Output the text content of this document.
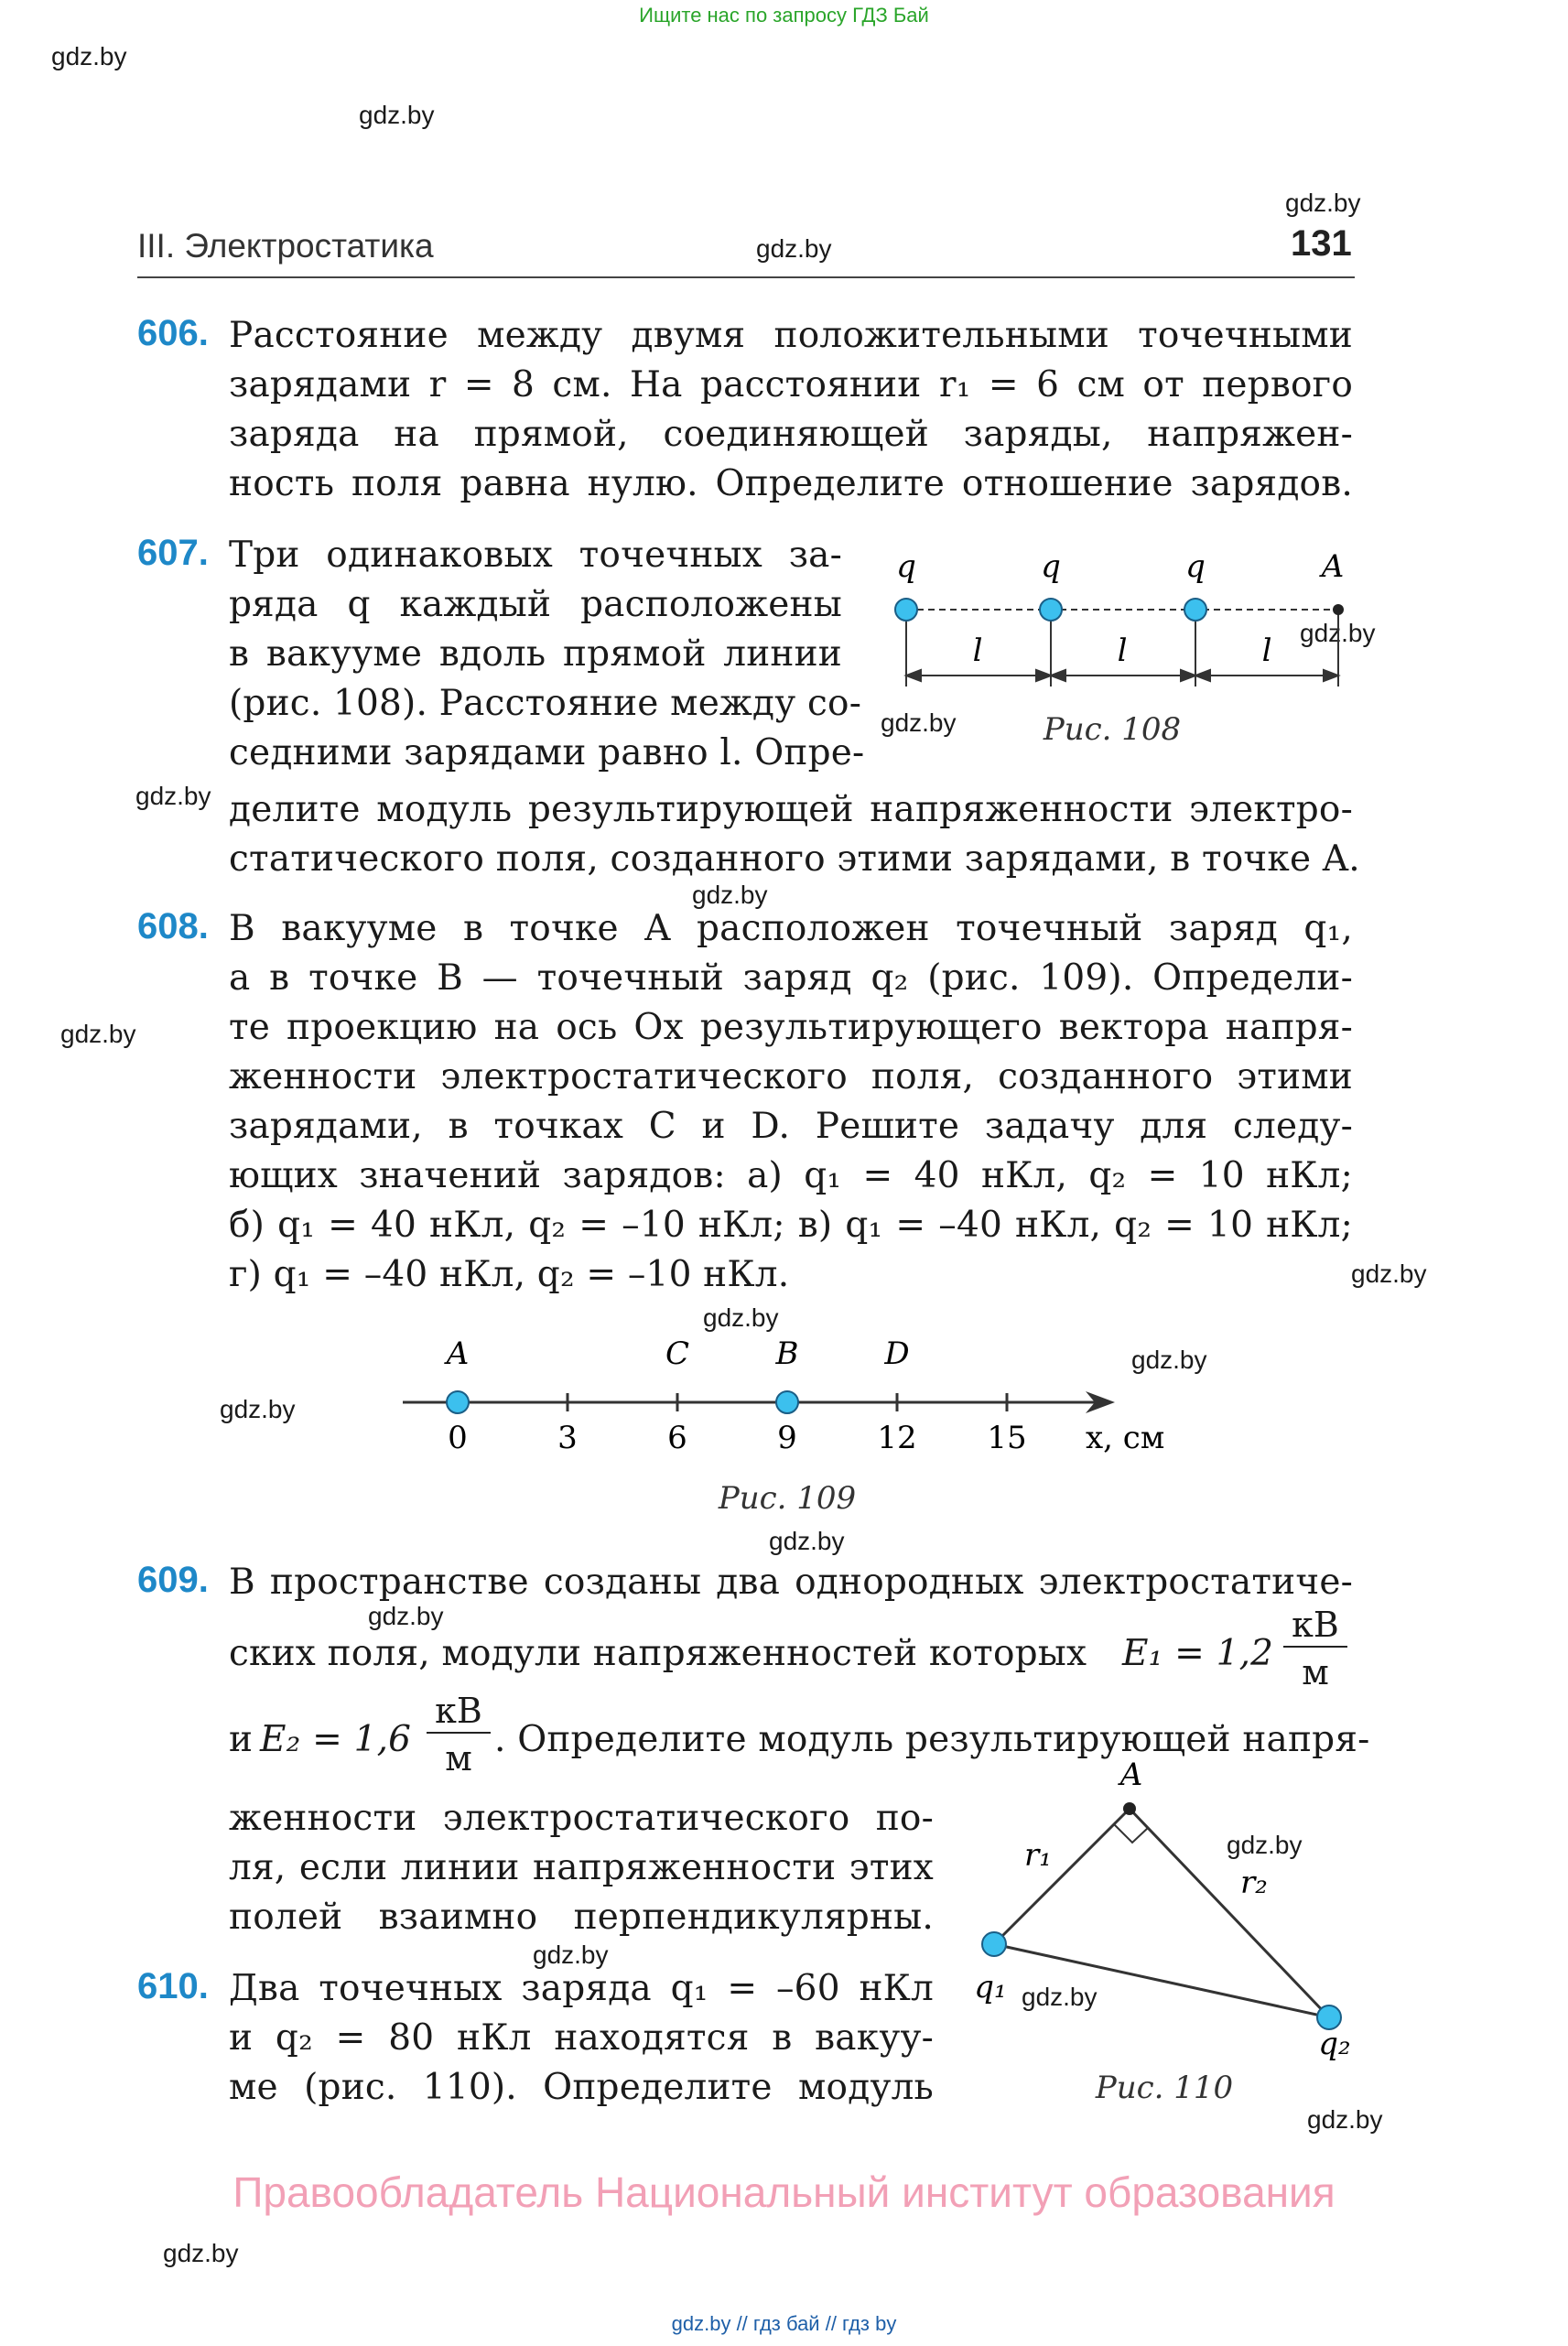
Ищите нас по запросу ГДЗ Бай
gdz.by
gdz.by
gdz.by
gdz.by
gdz.by
gdz.by
gdz.by
gdz.by
gdz.by
gdz.by
gdz.by
gdz.by
gdz.by
gdz.by
gdz.by
gdz.by
gdz.by
gdz.by
gdz.by
gdz.by
III. Электростатика	131
606. Расстояние между двумя положительными точечными
зарядами r = 8 см. На расстоянии r₁ = 6 см от первого
заряда на прямой, соединяющей заряды, напряжен-
ность поля равна нулю. Определите отношение зарядов.
607. Три одинаковых точечных за-
ряда q каждый расположены
в вакууме вдоль прямой линии
(рис. 108). Расстояние между со-
седними зарядами равно l. Опре-
делите модуль результирующей напряженности электро-
статического поля, созданного этими зарядами, в точке A.
q	q	q	A
l	l	l
Рис. 108
608. В вакууме в точке A расположен точечный заряд q₁,
а в точке B — точечный заряд q₂ (рис. 109). Определи-
те проекцию на ось Ox результирующего вектора напря-
женности электростатического поля, созданного этими
зарядами, в точках C и D. Решите задачу для следу-
ющих значений зарядов: а) q₁ = 40 нКл, q₂ = 10 нКл;
б) q₁ = 40 нКл, q₂ = –10 нКл; в) q₁ = –40 нКл, q₂ = 10 нКл;
г) q₁ = –40 нКл, q₂ = –10 нКл.
A	C	B	D
0	3	6	9	12 15 x, см
Рис. 109
609. В пространстве созданы два однородных электростатиче-
ских поля, модули напряженностей которых E₁ = 1,2
кВ
м
и E₂ = 1,6
кВ
м . Определите модуль результирующей напря-
женности электростатического по-
ля, если линии напряженности этих
полей взаимно перпендикулярны.
610. Два точечных заряда q₁ = –60 нКл
и q₂ = 80 нКл находятся в вакуу-
ме (рис. 110). Определите модуль
A
r₁
r₂
q₁
q₂
Рис. 110
Правообладатель Национальный институт образования
gdz.by // гдз бай // гдз by
